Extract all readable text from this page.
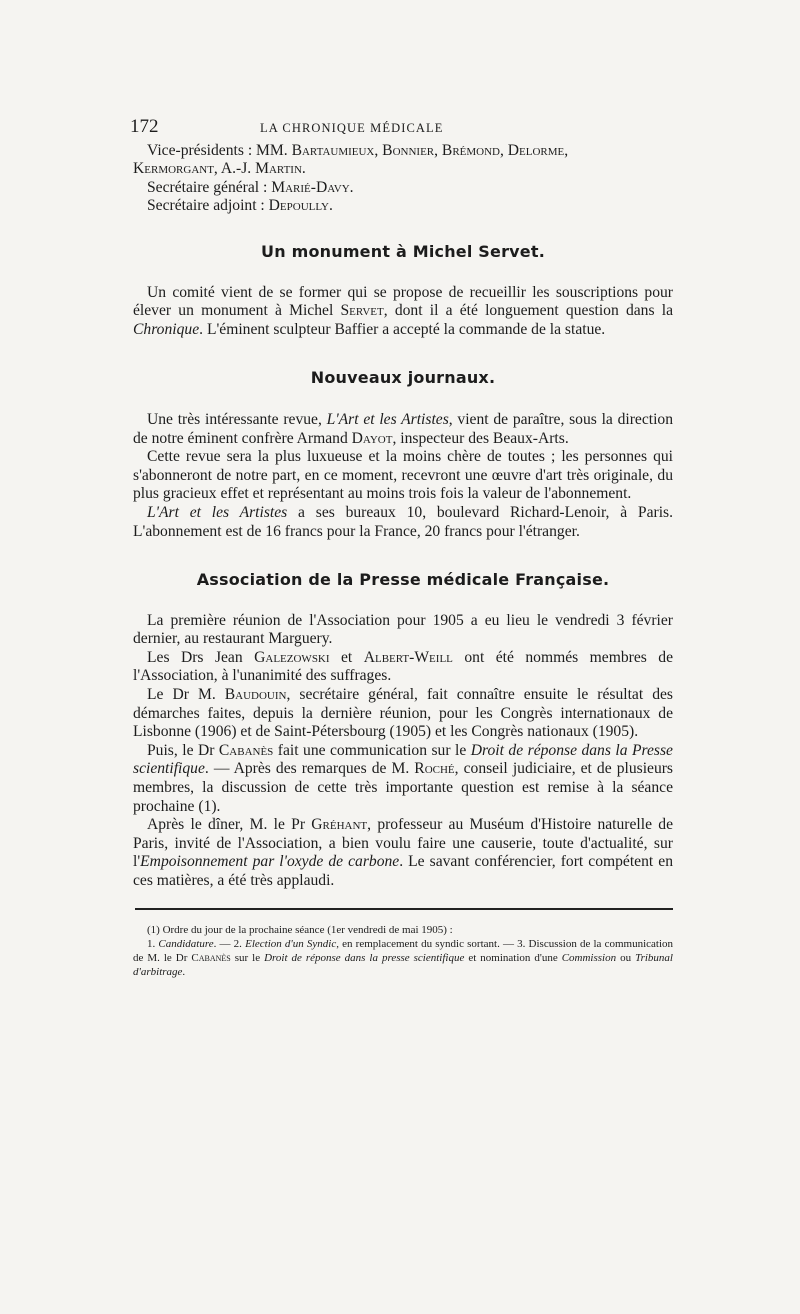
172	LA CHRONIQUE MÉDICALE

Vice-présidents : MM. Bartaumieux, Bonnier, Brémond, Delorme,

Kermorgant, A.-J. Martin.

Secrétaire général : Marié-Davy.

Secrétaire adjoint : Depoully.

Un monument à Michel Servet.

Un comité vient de se former qui se propose de recueillir les souscriptions pour élever un monument à Michel Servet, dont il a été longuement question dans la Chronique. L'éminent sculpteur Baffier a accepté la commande de la statue.

Nouveaux journaux.

Une très intéressante revue, L'Art et les Artistes, vient de paraître, sous la direction de notre éminent confrère Armand Dayot, inspecteur des Beaux-Arts.

Cette revue sera la plus luxueuse et la moins chère de toutes ; les personnes qui s'abonneront de notre part, en ce moment, recevront une œuvre d'art très originale, du plus gracieux effet et représentant au moins trois fois la valeur de l'abonnement.

L'Art et les Artistes a ses bureaux 10, boulevard Richard-Lenoir, à Paris. L'abonnement est de 16 francs pour la France, 20 francs pour l'étranger.

Association de la Presse médicale Française.

La première réunion de l'Association pour 1905 a eu lieu le vendredi 3 février dernier, au restaurant Marguery.

Les Drs Jean Galezowski et Albert-Weill ont été nommés membres de l'Association, à l'unanimité des suffrages.

Le Dr M. Baudouin, secrétaire général, fait connaître ensuite le résultat des démarches faites, depuis la dernière réunion, pour les Congrès internationaux de Lisbonne (1906) et de Saint-Pétersbourg (1905) et les Congrès nationaux (1905).

Puis, le Dr Cabanès fait une communication sur le Droit de réponse dans la Presse scientifique. — Après des remarques de M. Roché, conseil judiciaire, et de plusieurs membres, la discussion de cette très importante question est remise à la séance prochaine (1).

Après le dîner, M. le Pr Gréhant, professeur au Muséum d'Histoire naturelle de Paris, invité de l'Association, a bien voulu faire une causerie, toute d'actualité, sur l'Empoisonnement par l'oxyde de carbone. Le savant conférencier, fort compétent en ces matières, a été très applaudi.

(1) Ordre du jour de la prochaine séance (1er vendredi de mai 1905) :

1. Candidature. — 2. Election d'un Syndic, en remplacement du syndic sortant. — 3. Discussion de la communication de M. le Dr Cabanès sur le Droit de réponse dans la presse scientifique et nomination d'une Commission ou Tribunal d'arbitrage.
